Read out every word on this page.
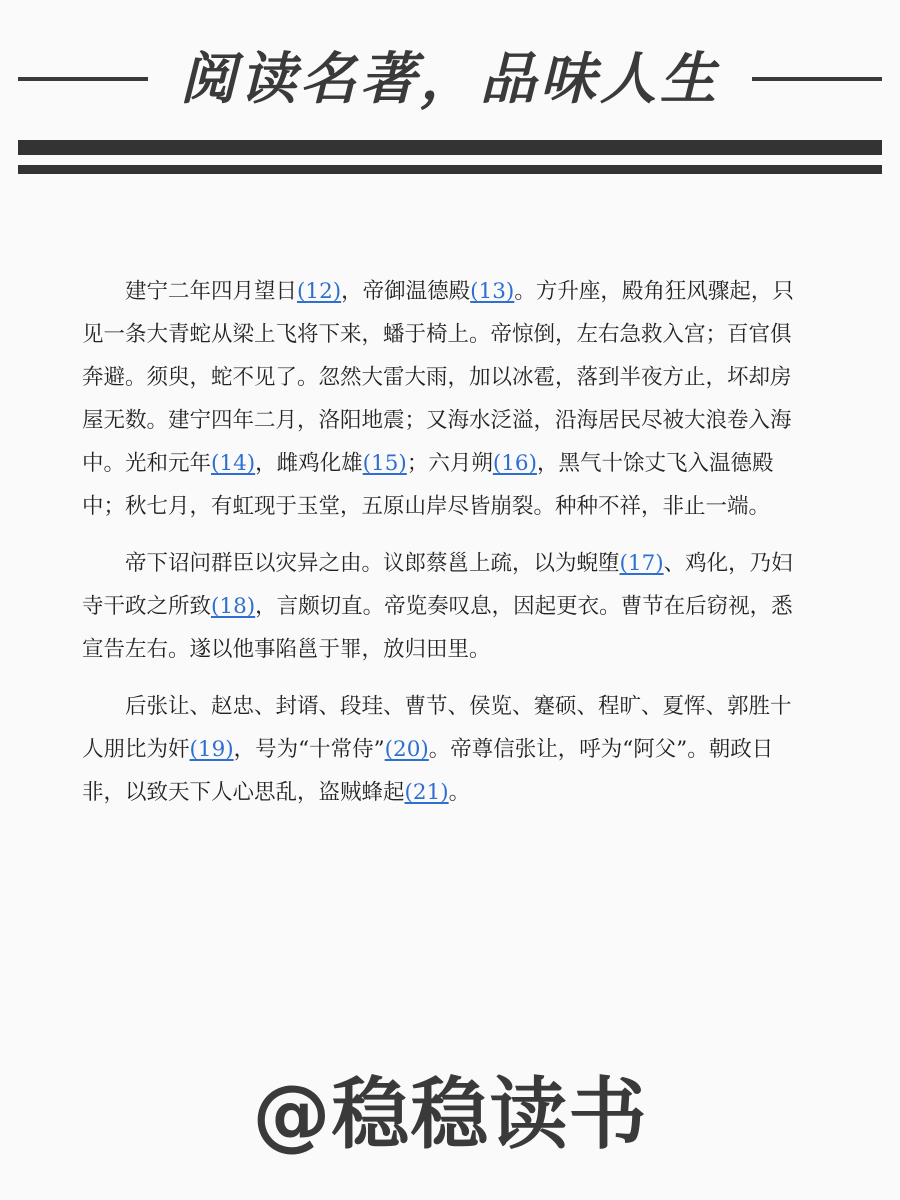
阅读名著，品味人生

建宁二年四月望日(12)，帝御温德殿(13)。方升座，殿角狂风骤起，只见一条大青蛇从梁上飞将下来，蟠于椅上。帝惊倒，左右急救入宫；百官俱奔避。须臾，蛇不见了。忽然大雷大雨，加以冰雹，落到半夜方止，坏却房屋无数。建宁四年二月，洛阳地震；又海水泛溢，沿海居民尽被大浪卷入海中。光和元年(14)，雌鸡化雄(15)；六月朔(16)，黑气十馀丈飞入温德殿中；秋七月，有虹现于玉堂，五原山岸尽皆崩裂。种种不祥，非止一端。

帝下诏问群臣以灾异之由。议郎蔡邕上疏，以为蜺堕(17)、鸡化，乃妇寺干政之所致(18)，言颇切直。帝览奏叹息，因起更衣。曹节在后窃视，悉宣告左右。遂以他事陷邕于罪，放归田里。

后张让、赵忠、封谞、段珪、曹节、侯览、蹇硕、程旷、夏恽、郭胜十人朋比为奸(19)，号为“十常侍”(20)。帝尊信张让，呼为“阿父”。朝政日非，以致天下人心思乱，盗贼蜂起(21)。

@稳稳读书
